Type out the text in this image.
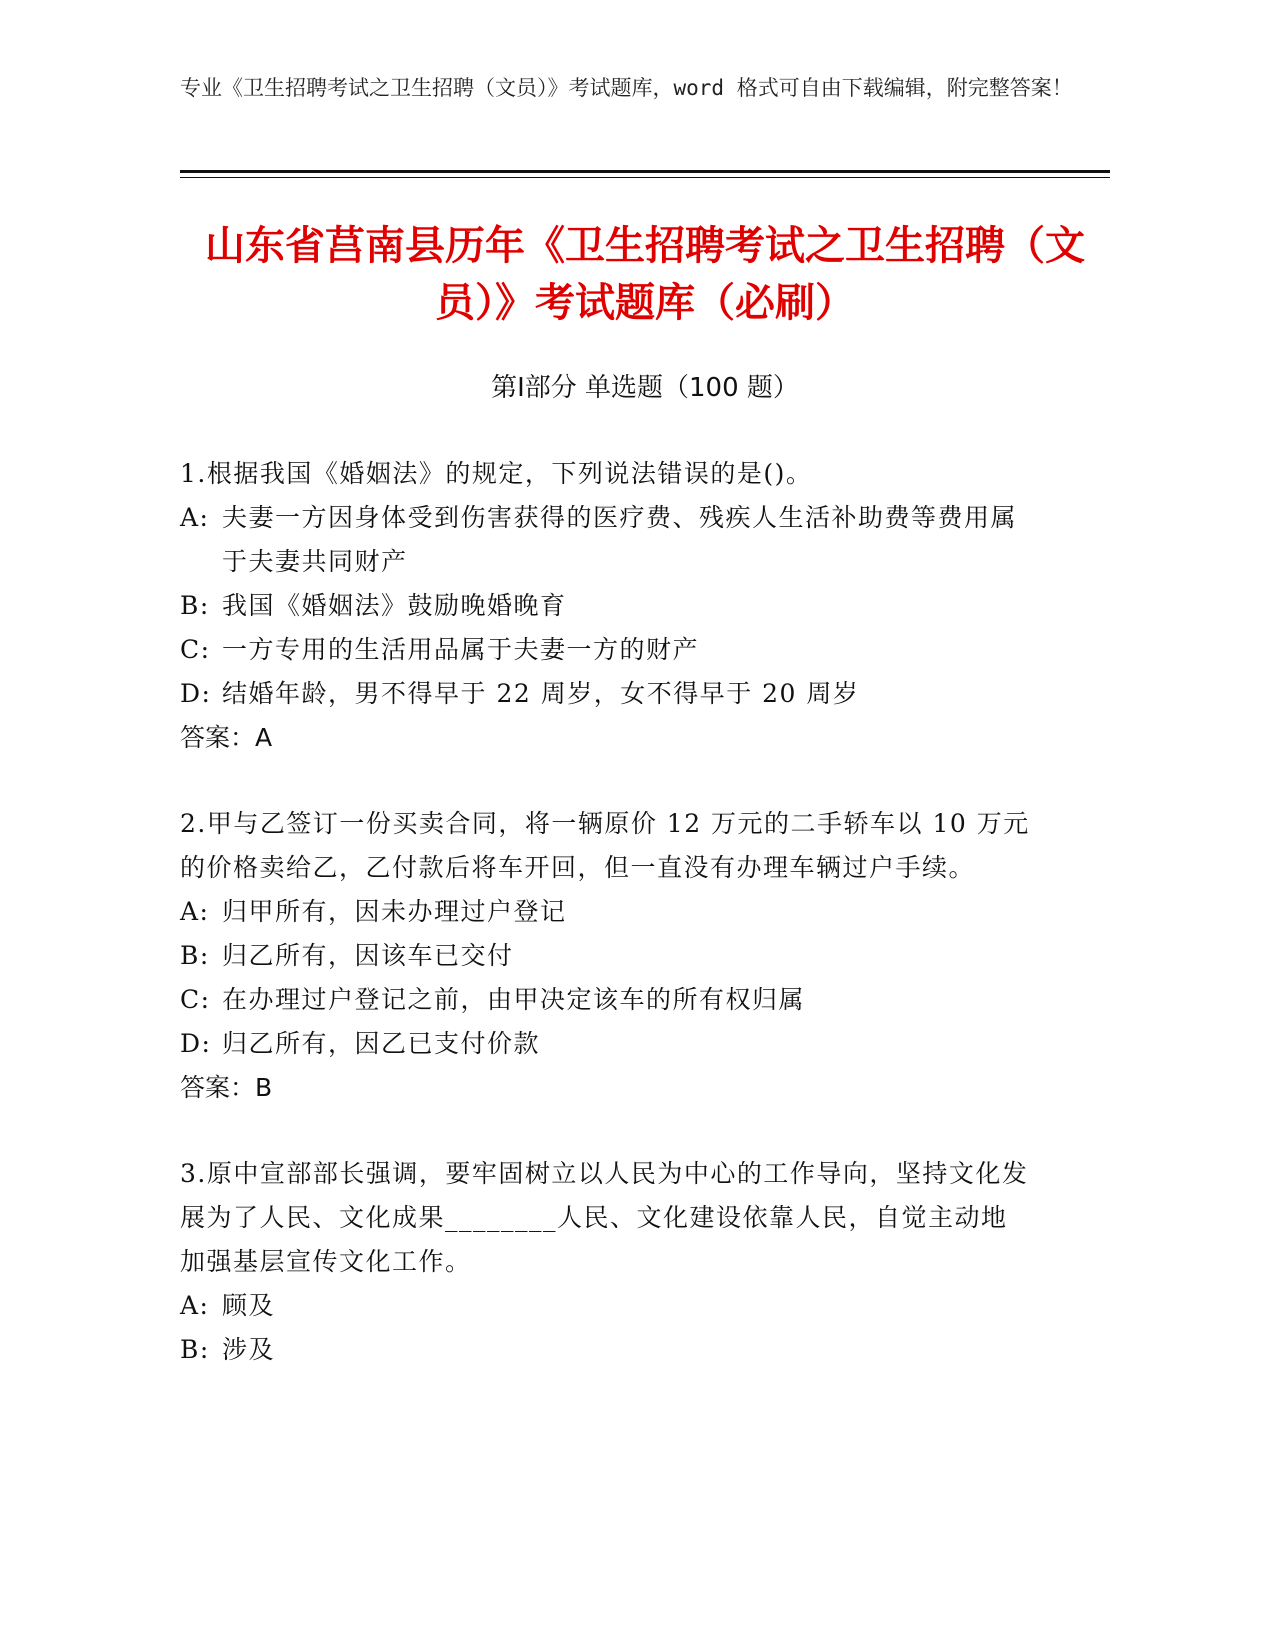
专业《卫生招聘考试之卫生招聘（文员）》考试题库，word 格式可自由下载编辑，附完整答案！
山东省莒南县历年《卫生招聘考试之卫生招聘（文员）》考试题库（必刷）
第Ⅰ部分 单选题（100 题）

1.根据我国《婚姻法》的规定，下列说法错误的是()。

A: 夫妻一方因身体受到伤害获得的医疗费、残疾人生活补助费等费用属于夫妻共同财产
B: 我国《婚姻法》鼓励晚婚晚育
C: 一方专用的生活用品属于夫妻一方的财产
D: 结婚年龄，男不得早于 22 周岁，女不得早于 20 周岁

答案：A

2.甲与乙签订一份买卖合同，将一辆原价 12 万元的二手轿车以 10 万元的价格卖给乙，乙付款后将车开回，但一直没有办理车辆过户手续。

A: 归甲所有，因未办理过户登记
B: 归乙所有，因该车已交付
C: 在办理过户登记之前，由甲决定该车的所有权归属
D: 归乙所有，因乙已支付价款

答案：B

3.原中宣部部长强调，要牢固树立以人民为中心的工作导向，坚持文化发展为了人民、文化成果________人民、文化建设依靠人民，自觉主动地加强基层宣传文化工作。

A: 顾及
B: 涉及
